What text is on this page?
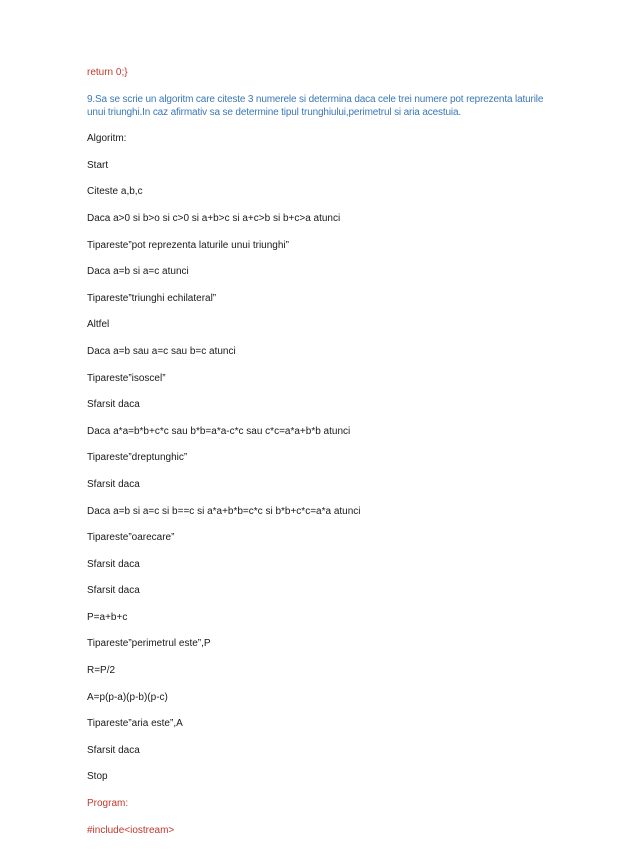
return 0;}
9.Sa se scrie un algoritm care citeste 3 numerele si determina daca cele trei numere pot reprezenta laturile unui triunghi.In caz afirmativ sa se determine tipul trunghiului,perimetrul si aria acestuia.
Algoritm:
Start
Citeste a,b,c
Daca a>0 si b>o si c>0 si a+b>c si a+c>b si b+c>a atunci
Tipareste”pot reprezenta laturile unui triunghi”
Daca a=b si a=c atunci
Tipareste”triunghi echilateral”
Altfel
Daca a=b sau a=c sau b=c atunci
Tipareste”isoscel”
Sfarsit daca
Daca a*a=b*b+c*c sau b*b=a*a-c*c sau c*c=a*a+b*b atunci
Tipareste”dreptunghic”
Sfarsit daca
Daca a=b si a=c si b==c si a*a+b*b=c*c si b*b+c*c=a*a atunci
Tipareste”oarecare”
Sfarsit daca
Sfarsit daca
P=a+b+c
Tipareste”perimetrul este”,P
R=P/2
A=p(p-a)(p-b)(p-c)
Tipareste”aria este”,A
Sfarsit daca
Stop
Program:
#include<iostream>
